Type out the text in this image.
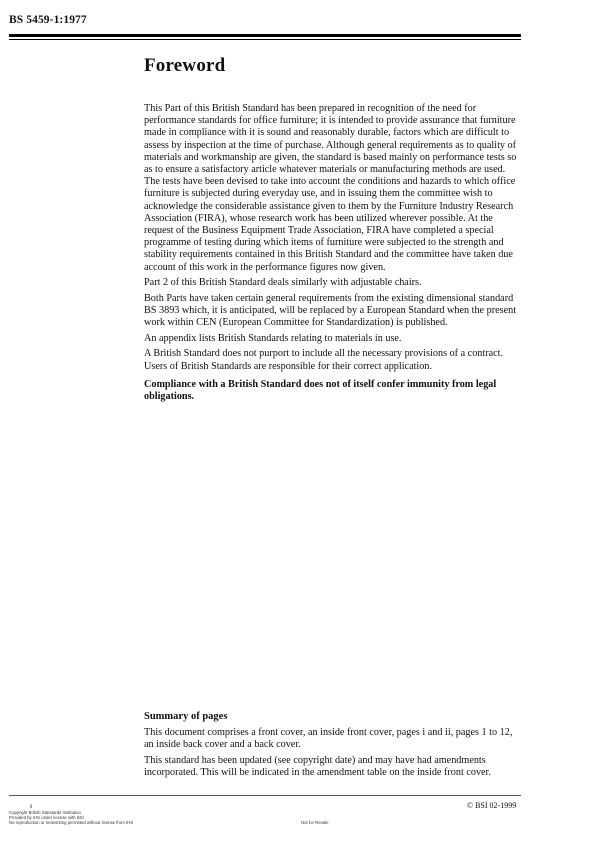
BS 5459-1:1977
Foreword

This Part of this British Standard has been prepared in recognition of the need for performance standards for office furniture; it is intended to provide assurance that furniture made in compliance with it is sound and reasonably durable, factors which are difficult to assess by inspection at the time of purchase. Although general requirements as to quality of materials and workmanship are given, the standard is based mainly on performance tests so as to ensure a satisfactory article whatever materials or manufacturing methods are used. The tests have been devised to take into account the conditions and hazards to which office furniture is subjected during everyday use, and in issuing them the committee wish to acknowledge the considerable assistance given to them by the Furniture Industry Research Association (FIRA), whose research work has been utilized wherever possible. At the request of the Business Equipment Trade Association, FIRA have completed a special programme of testing during which items of furniture were subjected to the strength and stability requirements contained in this British Standard and the committee have taken due account of this work in the performance figures now given.

Part 2 of this British Standard deals similarly with adjustable chairs.

Both Parts have taken certain general requirements from the existing dimensional standard BS 3893 which, it is anticipated, will be replaced by a European Standard when the present work within CEN (European Committee for Standardization) is published.

An appendix lists British Standards relating to materials in use.

A British Standard does not purport to include all the necessary provisions of a contract. Users of British Standards are responsible for their correct application.

Compliance with a British Standard does not of itself confer immunity from legal obligations.

Summary of pages

This document comprises a front cover, an inside front cover, pages i and ii, pages 1 to 12, an inside back cover and a back cover.

This standard has been updated (see copyright date) and may have had amendments incorporated. This will be indicated in the amendment table on the inside front cover.

ii	© BSI 02-1999
Copyright British Standards Institution
Provided by IHS under license with BSI
No reproduction or networking permitted without license from IHS	Not for Resale
